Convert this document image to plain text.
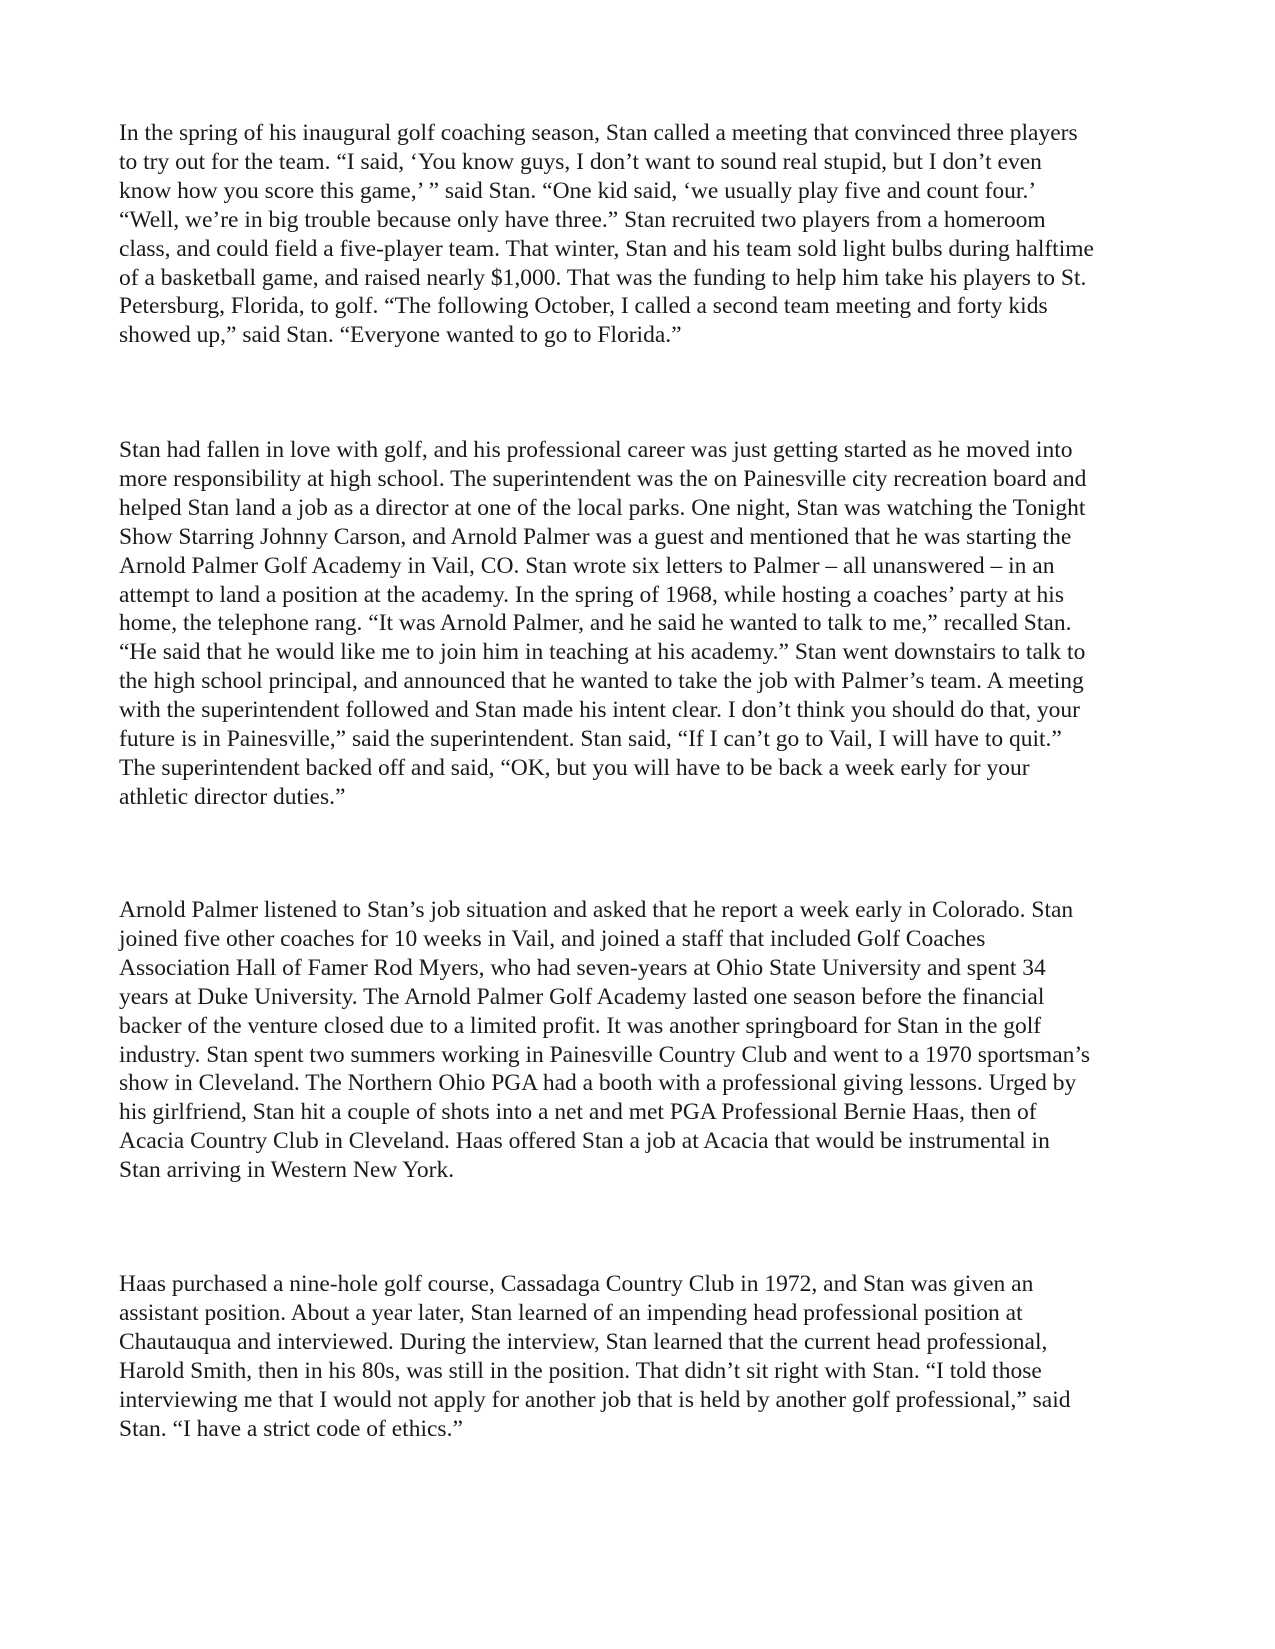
In the spring of his inaugural golf coaching season, Stan called a meeting that convinced three players
to try out for the team. “I said, ‘You know guys, I don’t want to sound real stupid, but I don’t even
know how you score this game,’ ” said Stan. “One kid said, ‘we usually play five and count four.’
“Well, we’re in big trouble because only have three.” Stan recruited two players from a homeroom
class, and could field a five-player team. That winter, Stan and his team sold light bulbs during halftime
of a basketball game, and raised nearly $1,000. That was the funding to help him take his players to St.
Petersburg, Florida, to golf. “The following October, I called a second team meeting and forty kids
showed up,” said Stan. “Everyone wanted to go to Florida.”

Stan had fallen in love with golf, and his professional career was just getting started as he moved into
more responsibility at high school. The superintendent was the on Painesville city recreation board and
helped Stan land a job as a director at one of the local parks. One night, Stan was watching the Tonight
Show Starring Johnny Carson, and Arnold Palmer was a guest and mentioned that he was starting the
Arnold Palmer Golf Academy in Vail, CO. Stan wrote six letters to Palmer – all unanswered – in an
attempt to land a position at the academy. In the spring of 1968, while hosting a coaches’ party at his
home, the telephone rang. “It was Arnold Palmer, and he said he wanted to talk to me,” recalled Stan.
“He said that he would like me to join him in teaching at his academy.” Stan went downstairs to talk to
the high school principal, and announced that he wanted to take the job with Palmer’s team. A meeting
with the superintendent followed and Stan made his intent clear. I don’t think you should do that, your
future is in Painesville,” said the superintendent. Stan said, “If I can’t go to Vail, I will have to quit.”
The superintendent backed off and said, “OK, but you will have to be back a week early for your
athletic director duties.”

Arnold Palmer listened to Stan’s job situation and asked that he report a week early in Colorado. Stan
joined five other coaches for 10 weeks in Vail, and joined a staff that included Golf Coaches
Association Hall of Famer Rod Myers, who had seven-years at Ohio State University and spent 34
years at Duke University. The Arnold Palmer Golf Academy lasted one season before the financial
backer of the venture closed due to a limited profit. It was another springboard for Stan in the golf
industry. Stan spent two summers working in Painesville Country Club and went to a 1970 sportsman’s
show in Cleveland. The Northern Ohio PGA had a booth with a professional giving lessons. Urged by
his girlfriend, Stan hit a couple of shots into a net and met PGA Professional Bernie Haas, then of
Acacia Country Club in Cleveland. Haas offered Stan a job at Acacia that would be instrumental in
Stan arriving in Western New York.

Haas purchased a nine-hole golf course, Cassadaga Country Club in 1972, and Stan was given an
assistant position. About a year later, Stan learned of an impending head professional position at
Chautauqua and interviewed. During the interview, Stan learned that the current head professional,
Harold Smith, then in his 80s, was still in the position. That didn’t sit right with Stan. “I told those
interviewing me that I would not apply for another job that is held by another golf professional,” said
Stan. “I have a strict code of ethics.”
